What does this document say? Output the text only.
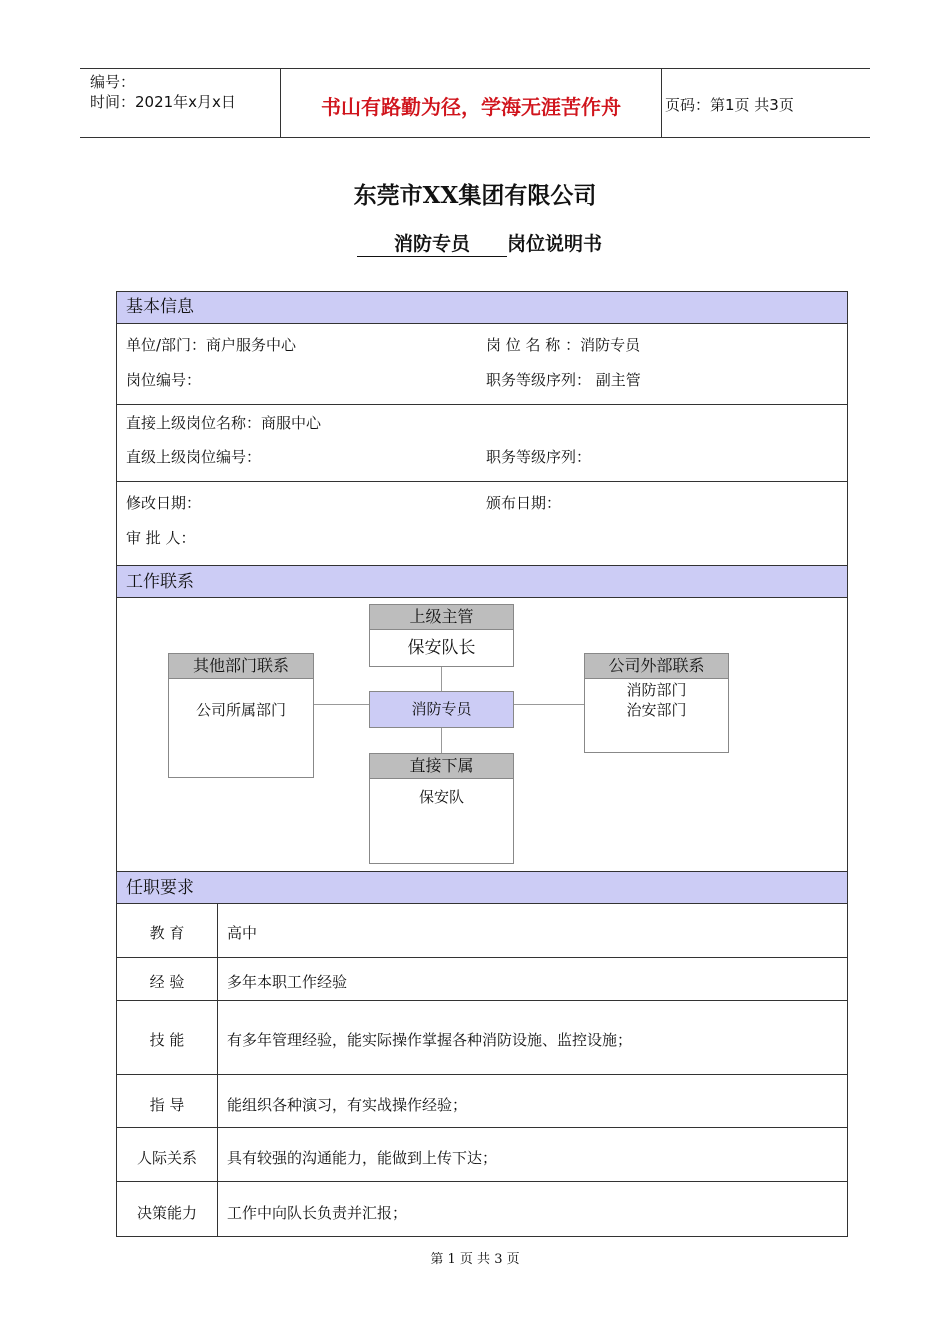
编号：
时间：2021年x月x日	书山有路勤为径，学海无涯苦作舟	页码：第1页 共3页
东莞市XX集团有限公司
消防专员 岗位说明书
基本信息
单位/部门：商户服务中心	岗 位 名 称 ：消防专员
岗位编号：	职务等级序列： 副主管
直接上级岗位名称：商服中心
直级上级岗位编号：	职务等级序列：
修改日期：	颁布日期：
审 批 人：
工作联系
保安队长
上级主管
消防专员
公司所属部门
其他部门联系
消防部门
治安部门
公司外部联系
保安队
直接下属
任职要求
教 育	高中
经 验	多年本职工作经验
技 能	有多年管理经验，能实际操作掌握各种消防设施、监控设施；
指 导	能组织各种演习，有实战操作经验；
人际关系	具有较强的沟通能力，能做到上传下达；
决策能力	工作中向队长负责并汇报；
第 1 页 共 3 页
